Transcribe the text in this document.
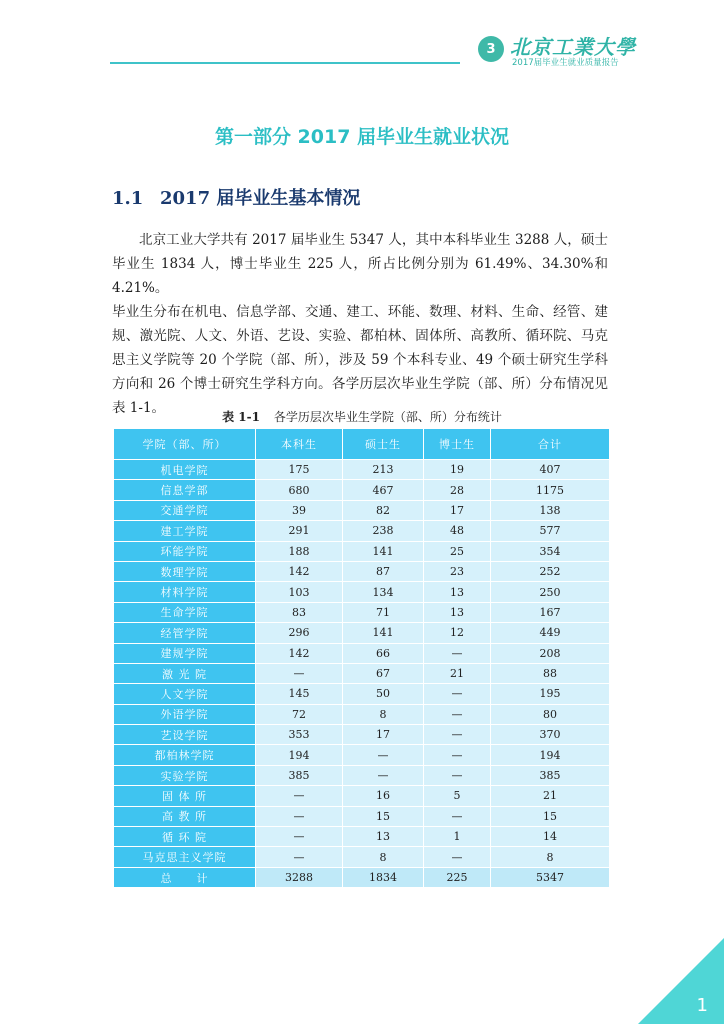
3 北京工業大學
2017届毕业生就业质量报告
第一部分 2017 届毕业生就业状况
1.1 2017 届毕业生基本情况

北京工业大学共有 2017 届毕业生 5347 人，其中本科毕业生 3288 人，硕士毕业生 1834 人，博士毕业生 225 人，所占比例分别为 61.49%、34.30%和 4.21%。

毕业生分布在机电、信息学部、交通、建工、环能、数理、材料、生命、经管、建规、激光院、人文、外语、艺设、实验、都柏林、固体所、高教所、循环院、马克思主义学院等 20 个学院（部、所），涉及 59 个本科专业、49 个硕士研究生学科方向和 26 个博士研究生学科方向。各学历层次毕业生学院（部、所）分布情况见表 1-1。

表 1-1 各学历层次毕业生学院（部、所）分布统计
学院（部、所）	本科生	硕士生	博士生	合计
机电学院	175	213	19	407
信息学部	680	467	28	1175
交通学院	39	82	17	138
建工学院	291	238	48	577
环能学院	188	141	25	354
数理学院	142	87	23	252
材料学院	103	134	13	250
生命学院	83	71	13	167
经管学院	296	141	12	449
建规学院	142	66	—	208
激 光 院	—	67	21	88
人文学院	145	50	—	195
外语学院	72	8	—	80
艺设学院	353	17	—	370
都柏林学院	194	—	—	194
实验学院	385	—	—	385
固 体 所	—	16	5	21
高 教 所	—	15	—	15
循 环 院	—	13	1	14
马克思主义学院	—	8	—	8
总　　计	3288	1834	225	5347
1
